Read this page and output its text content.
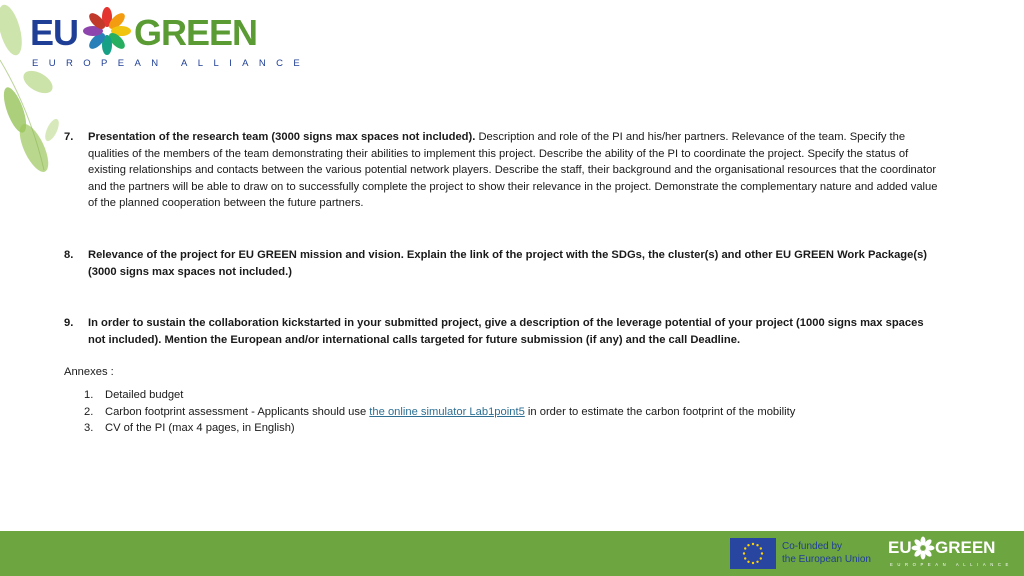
EU GREEN
EUROPEAN ALLIANCE
7.	Presentation of the research team (3000 signs max spaces not included). Description and role of the PI and his/her partners. Relevance of the team. Specify the qualities of the members of the team demonstrating their abilities to implement this project. Describe the ability of the PI to coordinate the project. Specify the status of existing relationships and contacts between the various potential network players. Describe the staff, their background and the organisational resources that the coordinator and the partners will be able to draw on to successfully complete the project to show their relevance in the project. Demonstrate the complementary nature and added value of the planned cooperation between the future partners.
8.	Relevance of the project for EU GREEN mission and vision. Explain the link of the project with the SDGs, the cluster(s) and other EU GREEN Work Package(s) (3000 signs max spaces not included.)
9.	In order to sustain the collaboration kickstarted in your submitted project, give a description of the leverage potential of your project (1000 signs max spaces not included). Mention the European and/or international calls targeted for future submission (if any) and the call Deadline.
Annexes :
1.	Detailed budget
2.	Carbon footprint assessment - Applicants should use the online simulator Lab1point5 in order to estimate the carbon footprint of the mobility
3.	CV of the PI (max 4 pages, in English)
Co-funded by
the European Union
EU GREEN
EUROPEAN ALLIANCE
